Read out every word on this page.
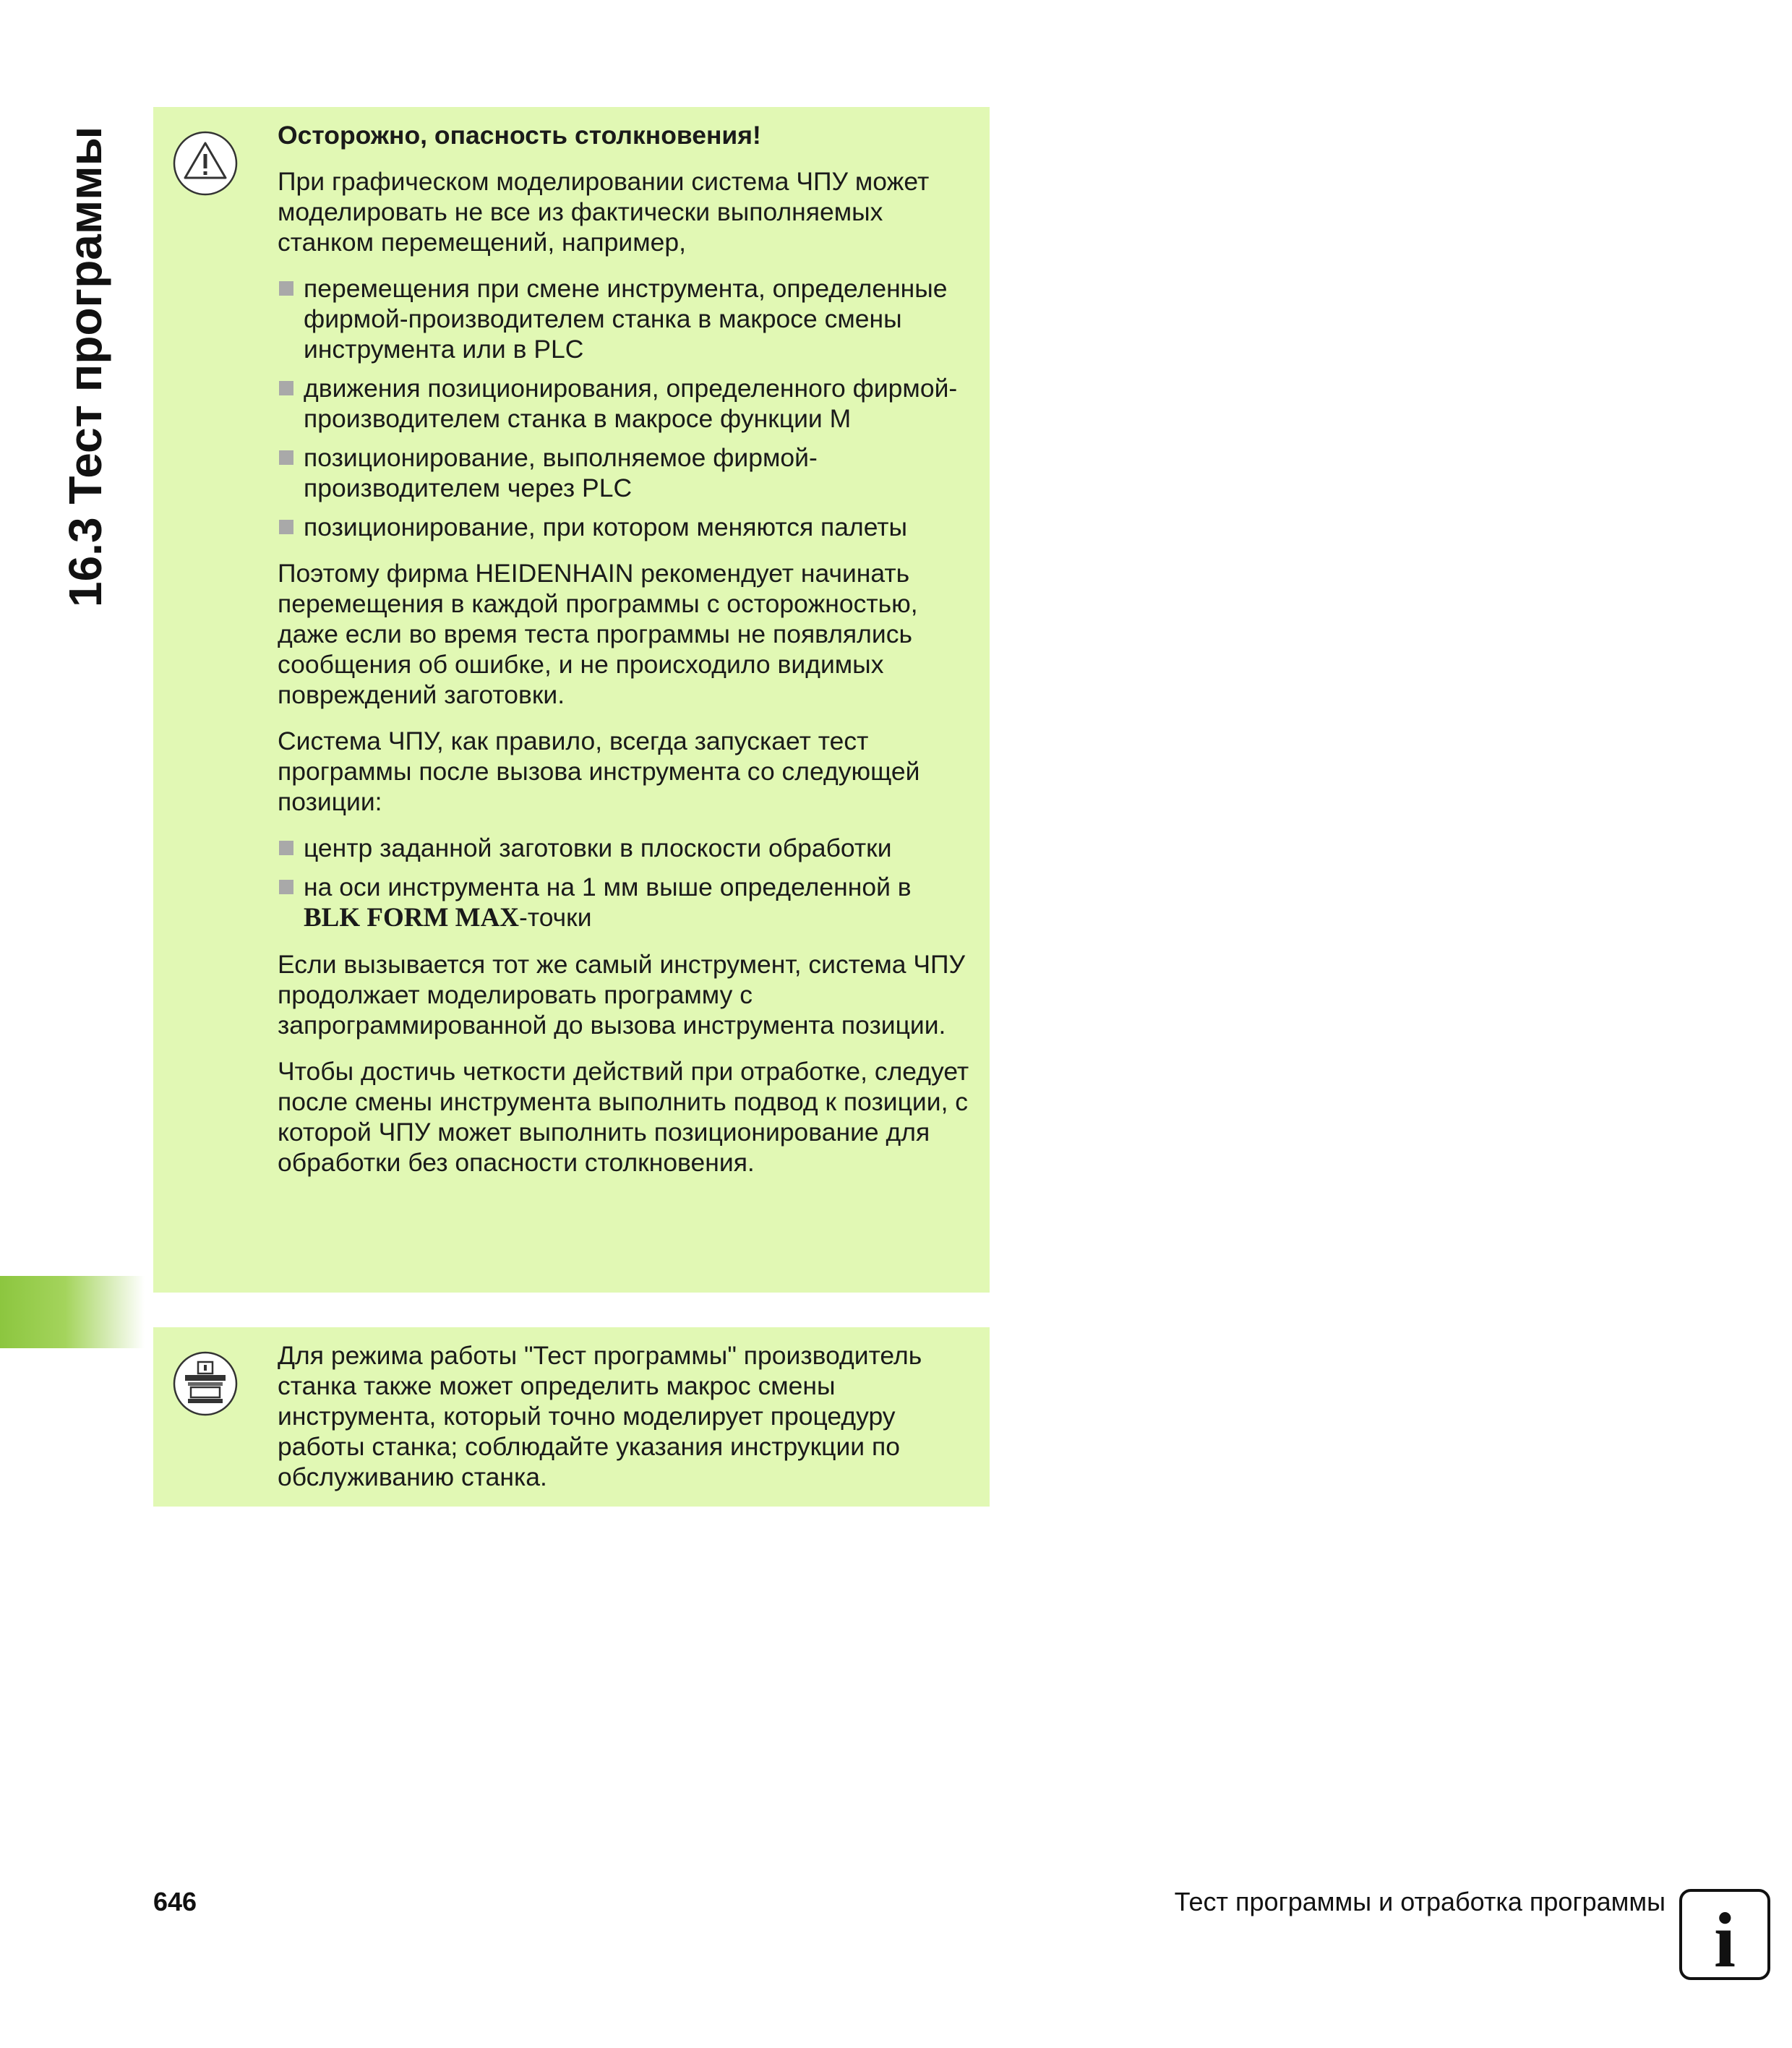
16.3 Тест программы	Осторожно, опасность столкновения!

При графическом моделировании система ЧПУ может моделировать не все из фактически выполняемых станком перемещений, например,

перемещения при смене инструмента, определенные фирмой-производителем станка в макросе смены инструмента или в PLC
движения позиционирования, определенного фирмой-производителем станка в макросе функции M
позиционирование, выполняемое фирмой-производителем через PLC
позиционирование, при котором меняются палеты

Поэтому фирма HEIDENHAIN рекомендует начинать перемещения в каждой программы с осторожностью, даже если во время теста программы не появлялись сообщения об ошибке, и не происходило видимых повреждений заготовки.

Система ЧПУ, как правило, всегда запускает тест программы после вызова инструмента со следующей позиции:

центр заданной заготовки в плоскости обработки
на оси инструмента на 1 мм выше определенной в
BLK FORM MAX-точки

Если вызывается тот же самый инструмент, система ЧПУ продолжает моделировать программу с запрограммированной до вызова инструмента позиции.

Чтобы достичь четкости действий при отработке, следует после смены инструмента выполнить подвод к позиции, с которой ЧПУ может выполнить позиционирование для обработки без опасности столкновения.

Для режима работы "Тест программы" производитель станка также может определить макрос смены инструмента, который точно моделирует процедуру работы станка; соблюдайте указания инструкции по обслуживанию станка.

646	Тест программы и отработка программы i
